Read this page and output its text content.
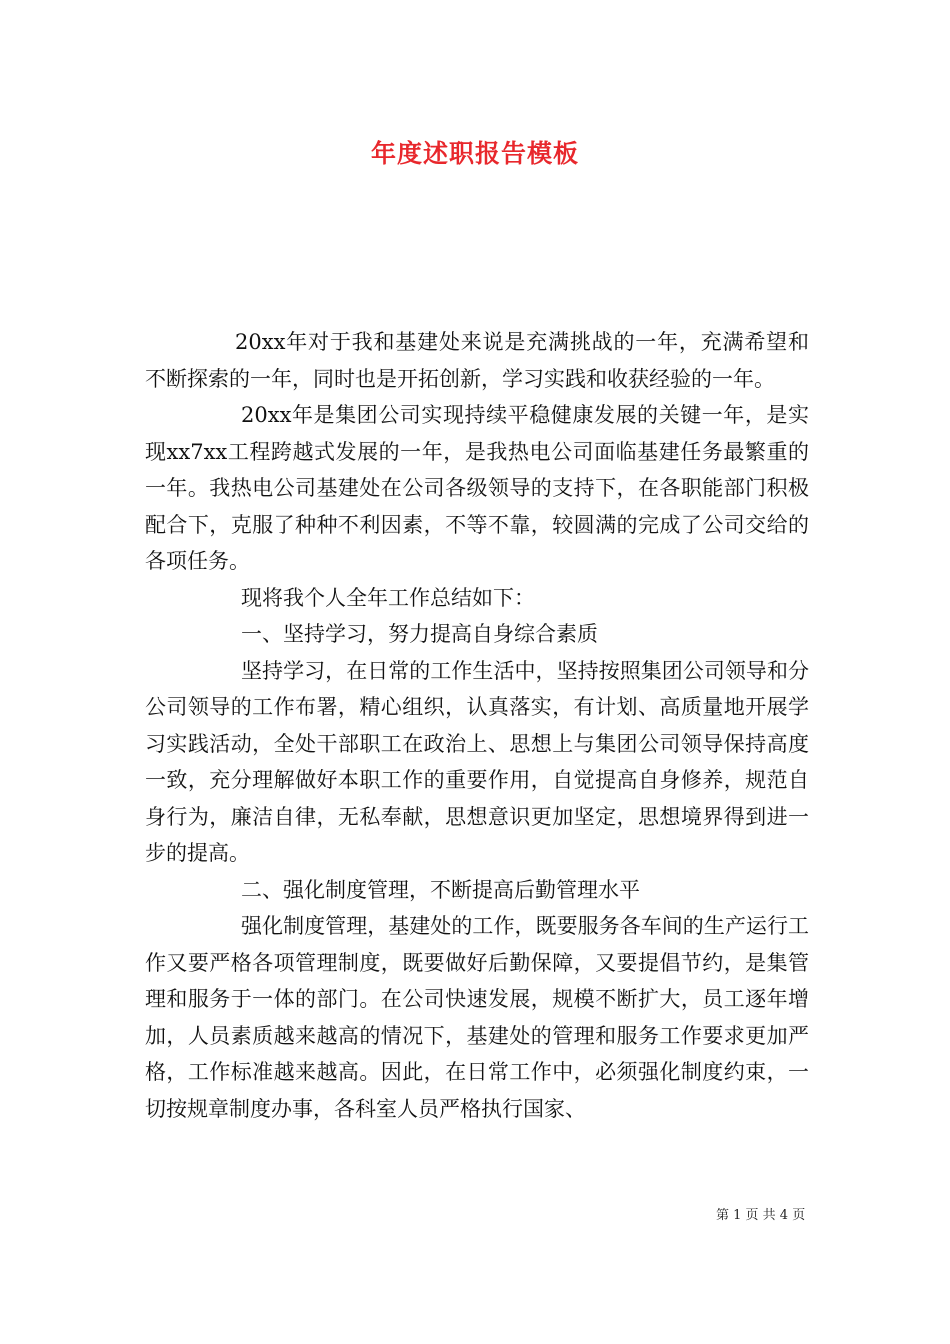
年度述职报告模板

20xx年对于我和基建处来说是充满挑战的一年，充满希望和不断探索的一年，同时也是开拓创新，学习实践和收获经验的一年。

20xx年是集团公司实现持续平稳健康发展的关键一年，是实现xx7xx工程跨越式发展的一年，是我热电公司面临基建任务最繁重的一年。我热电公司基建处在公司各级领导的支持下，在各职能部门积极配合下，克服了种种不利因素，不等不靠，较圆满的完成了公司交给的各项任务。

现将我个人全年工作总结如下：

一、坚持学习，努力提高自身综合素质

坚持学习，在日常的工作生活中，坚持按照集团公司领导和分公司领导的工作布署，精心组织，认真落实，有计划、高质量地开展学习实践活动，全处干部职工在政治上、思想上与集团公司领导保持高度一致，充分理解做好本职工作的重要作用，自觉提高自身修养，规范自身行为，廉洁自律，无私奉献，思想意识更加坚定，思想境界得到进一步的提高。

二、强化制度管理，不断提高后勤管理水平

强化制度管理，基建处的工作，既要服务各车间的生产运行工作又要严格各项管理制度，既要做好后勤保障，又要提倡节约，是集管理和服务于一体的部门。在公司快速发展，规模不断扩大，员工逐年增加，人员素质越来越高的情况下，基建处的管理和服务工作要求更加严格，工作标准越来越高。因此，在日常工作中，必须强化制度约束，一切按规章制度办事，各科室人员严格执行国家、

第 1 页 共 4 页
